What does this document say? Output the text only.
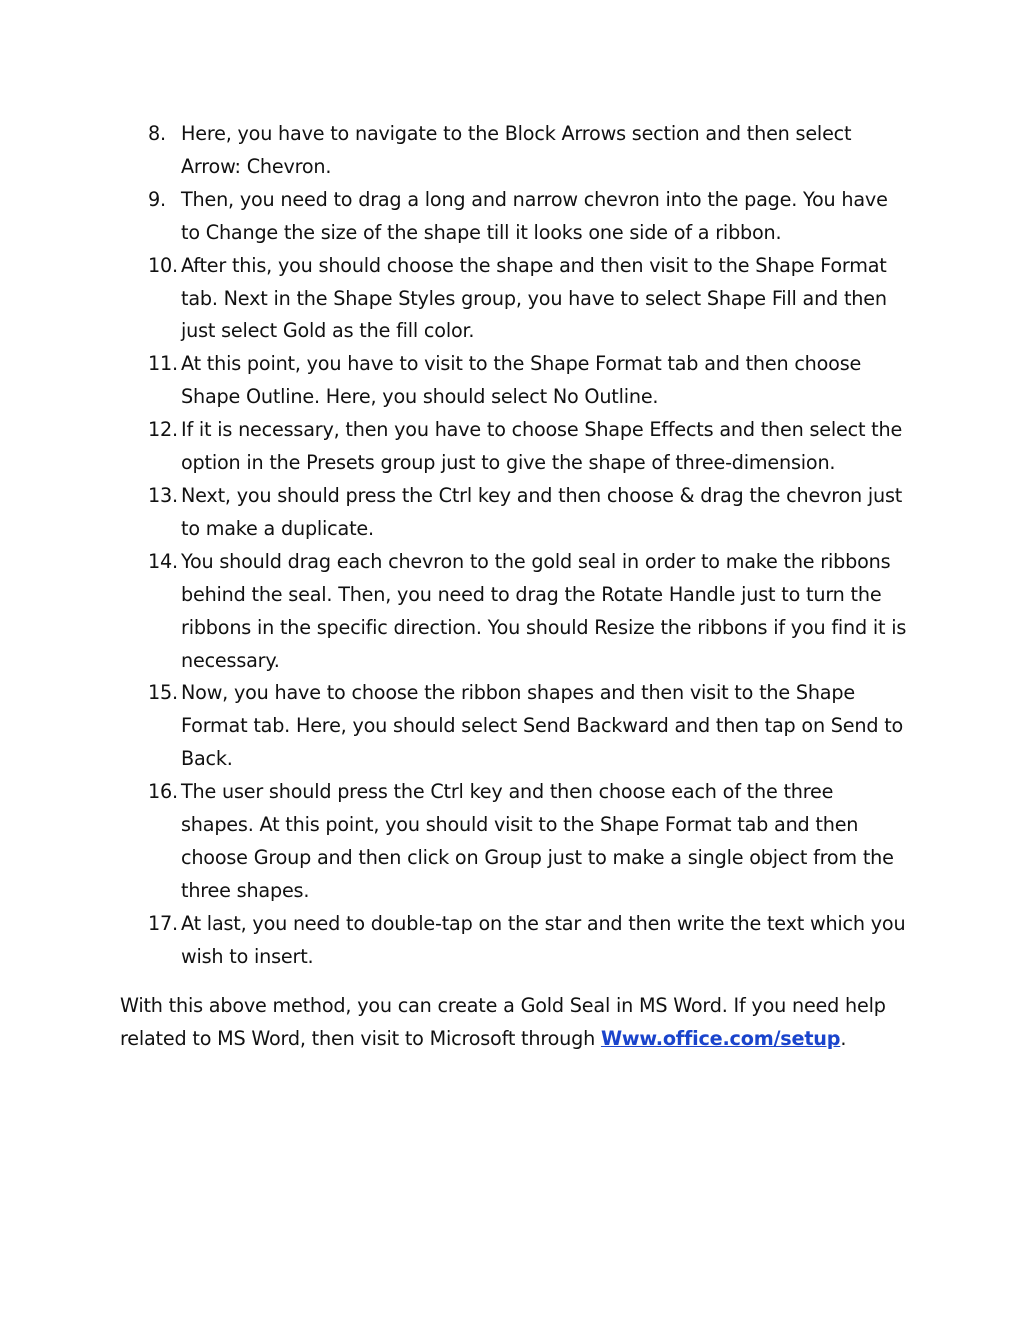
8. Here, you have to navigate to the Block Arrows section and then select Arrow: Chevron.
9. Then, you need to drag a long and narrow chevron into the page. You have to Change the size of the shape till it looks one side of a ribbon.
10. After this, you should choose the shape and then visit to the Shape Format tab. Next in the Shape Styles group, you have to select Shape Fill and then just select Gold as the fill color.
11. At this point, you have to visit to the Shape Format tab and then choose Shape Outline. Here, you should select No Outline.
12. If it is necessary, then you have to choose Shape Effects and then select the option in the Presets group just to give the shape of three-dimension.
13. Next, you should press the Ctrl key and then choose & drag the chevron just to make a duplicate.
14. You should drag each chevron to the gold seal in order to make the ribbons behind the seal. Then, you need to drag the Rotate Handle just to turn the ribbons in the specific direction. You should Resize the ribbons if you find it is necessary.
15. Now, you have to choose the ribbon shapes and then visit to the Shape Format tab. Here, you should select Send Backward and then tap on Send to Back.
16. The user should press the Ctrl key and then choose each of the three shapes. At this point, you should visit to the Shape Format tab and then choose Group and then click on Group just to make a single object from the three shapes.
17. At last, you need to double-tap on the star and then write the text which you wish to insert.

With this above method, you can create a Gold Seal in MS Word. If you need help related to MS Word, then visit to Microsoft through Www.office.com/setup.
